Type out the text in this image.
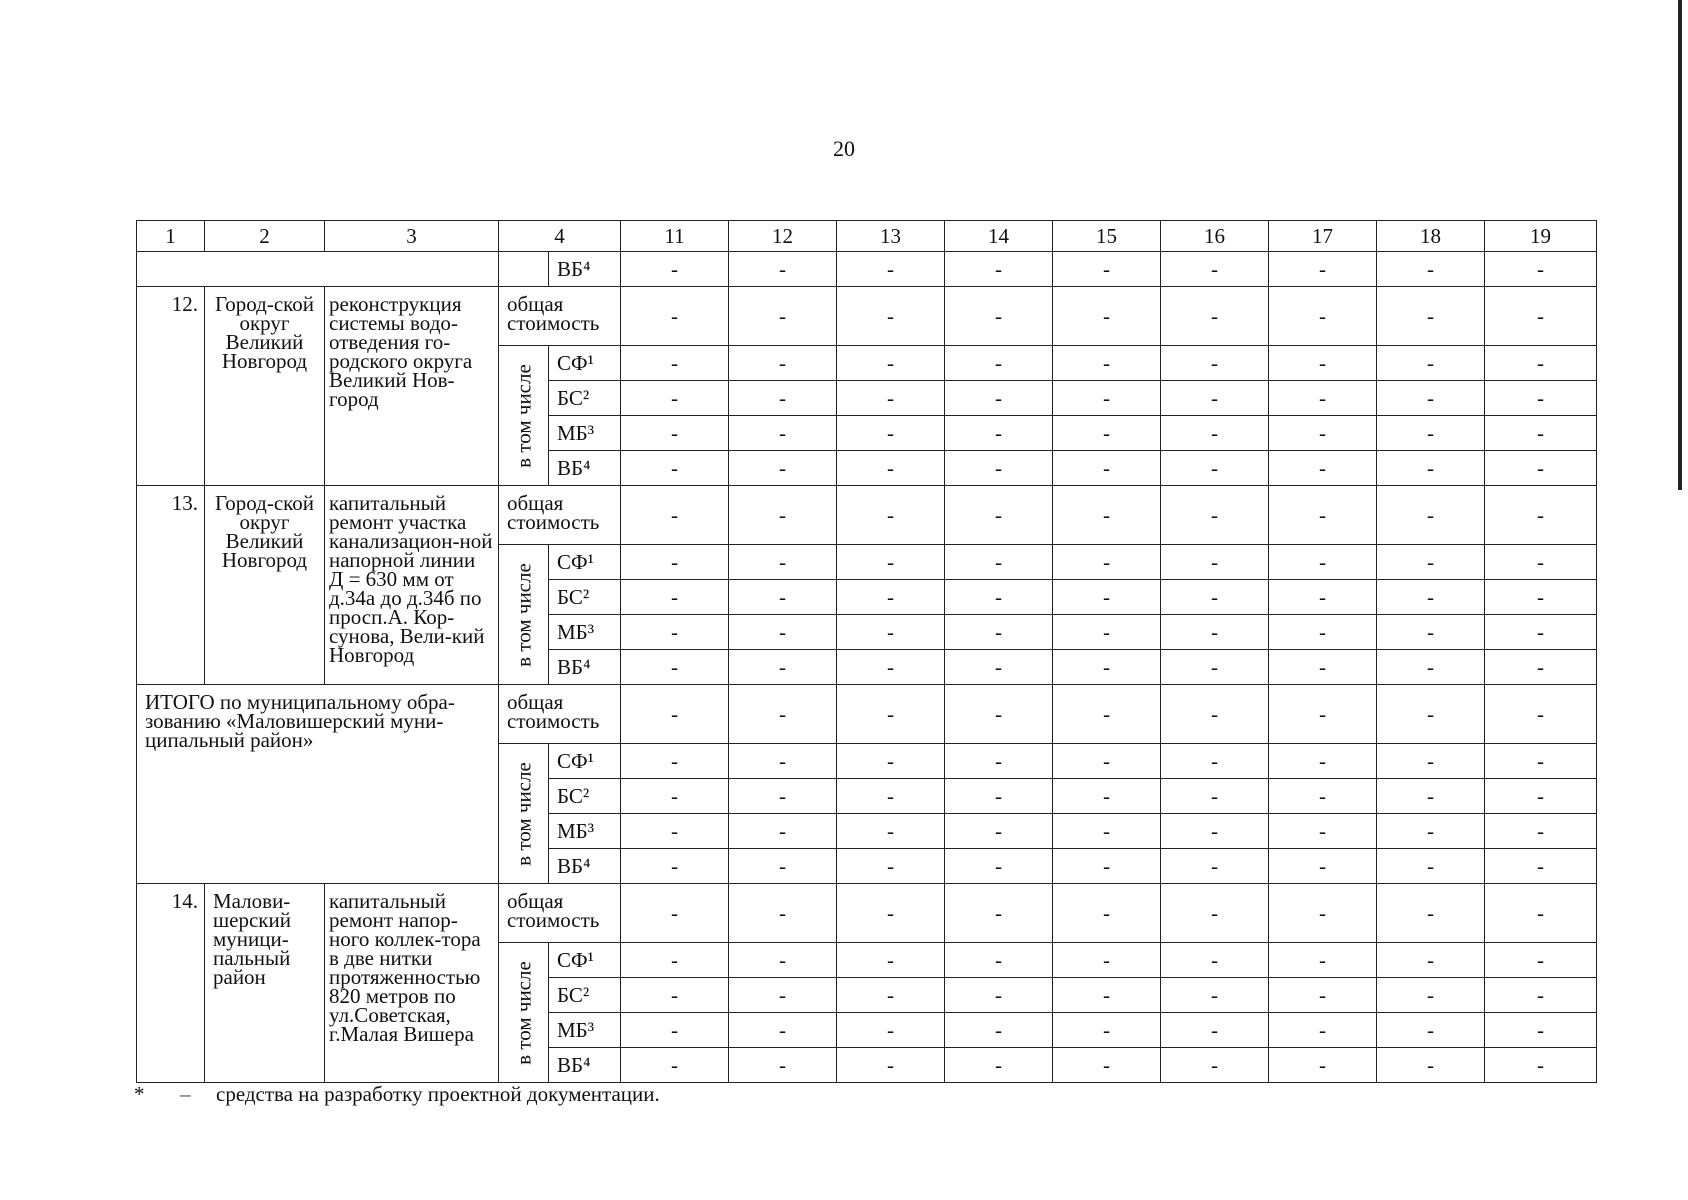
20
1	2	3	4		11	12	13	14	15	16	17	18	19
				ВБ⁴	-	-	-	-	-	-	-	-	-
12.	Город-ской округ Великий Новгород	реконструкция системы водо-отведения го-родского округа Великий Нов-город	общая стоимость		-	-	-	-	-	-	-	-	-

			в том числе	СФ¹	-	-	-	-	-	-	-	-	-
				БС²	-	-	-	-	-	-	-	-	-
				МБ³	-	-	-	-	-	-	-	-	-
				ВБ⁴	-	-	-	-	-	-	-	-	-
13.	Город-ской округ Великий Новгород	капитальный ремонт участка канализацион-ной напорной линии Д = 630 мм от д.34а до д.34б по просп.А. Кор-сунова, Вели-кий Новгород	общая стоимость		-	-	-	-	-	-	-	-	-

			в том числе	СФ¹	-	-	-	-	-	-	-	-	-
				БС²	-	-	-	-	-	-	-	-	-
				МБ³	-	-	-	-	-	-	-	-	-
				ВБ⁴	-	-	-	-	-	-	-	-	-
ИТОГО по муниципальному обра-зованию «Маловишерский муни-ципальный район»			общая стоимость		-	-	-	-	-	-	-	-	-

			в том числе	СФ¹	-	-	-	-	-	-	-	-	-
				БС²	-	-	-	-	-	-	-	-	-
				МБ³	-	-	-	-	-	-	-	-	-
				ВБ⁴	-	-	-	-	-	-	-	-	-
14.	Малови-шерский муници-пальный район	капитальный ремонт напор-ного коллек-тора в две нитки протяженностью 820 метров по ул.Советская, г.Малая Вишера	общая стоимость		-	-	-	-	-	-	-	-	-

			в том числе	СФ¹	-	-	-	-	-	-	-	-	-
				БС²	-	-	-	-	-	-	-	-	-
				МБ³	-	-	-	-	-	-	-	-	-
				ВБ⁴	-	-	-	-	-	-	-	-	-
* – средства на разработку проектной документации.
